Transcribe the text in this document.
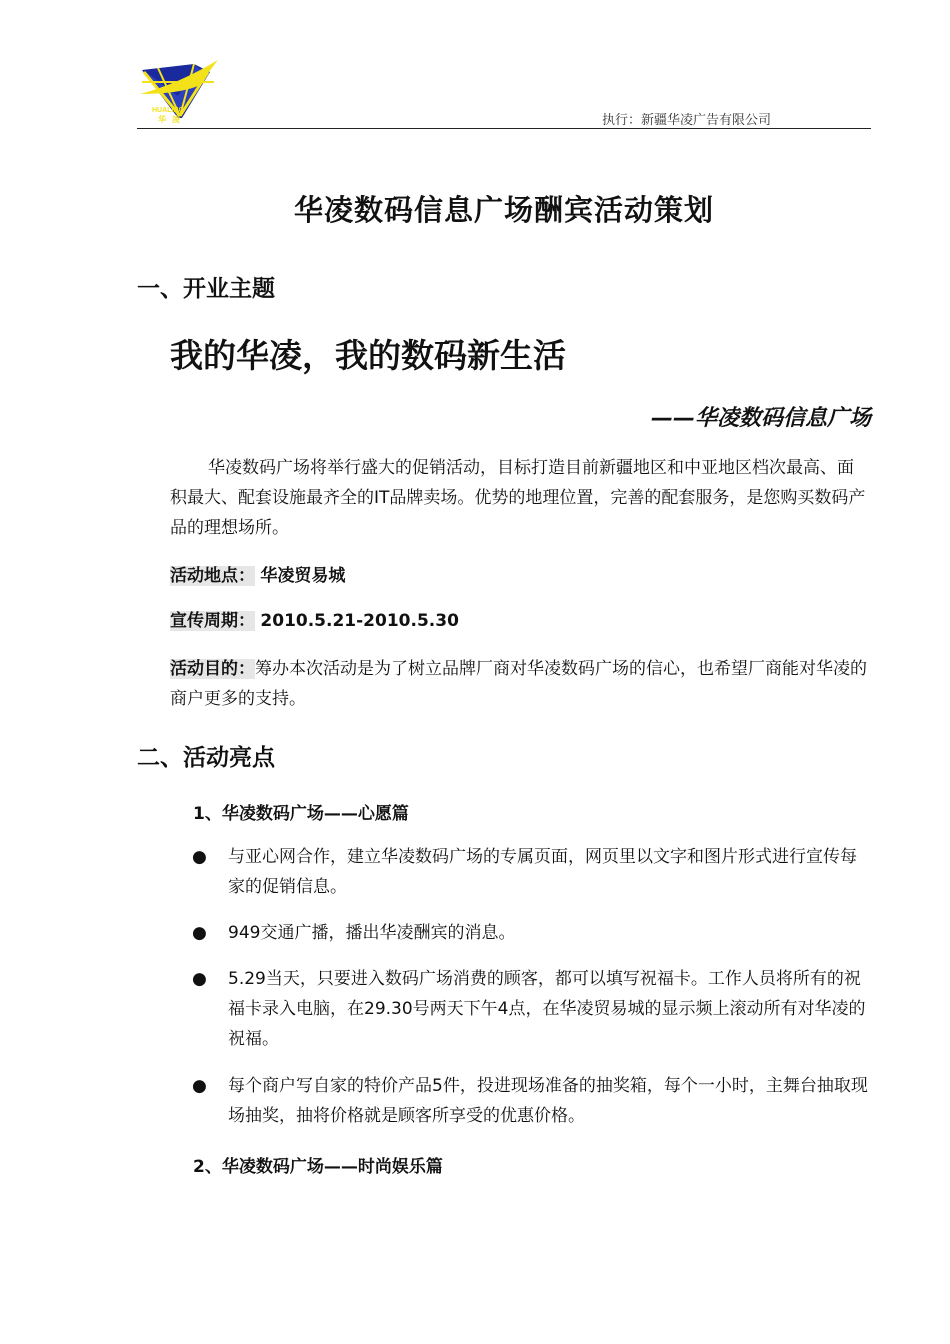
HUALING
华凌	执行：新疆华凌广告有限公司
华凌数码信息广场酬宾活动策划
一、开业主题
我的华凌，我的数码新生活
——华凌数码信息广场
华凌数码广场将举行盛大的促销活动，目标打造目前新疆地区和中亚地区档次最高、面积最大、配套设施最齐全的IT品牌卖场。优势的地理位置，完善的配套服务，是您购买数码产品的理想场所。
活动地点： 华凌贸易城
宣传周期： 2010.5.21-2010.5.30
活动目的：筹办本次活动是为了树立品牌厂商对华凌数码广场的信心，也希望厂商能对华凌的商户更多的支持。
二、活动亮点
1、华凌数码广场——心愿篇
●	与亚心网合作，建立华凌数码广场的专属页面，网页里以文字和图片形式进行宣传每家的促销信息。
●	949交通广播，播出华凌酬宾的消息。
●	5.29当天，只要进入数码广场消费的顾客，都可以填写祝福卡。工作人员将所有的祝福卡录入电脑，在29.30号两天下午4点，在华凌贸易城的显示频上滚动所有对华凌的祝福。
●	每个商户写自家的特价产品5件，投进现场准备的抽奖箱，每个一小时，主舞台抽取现场抽奖，抽将价格就是顾客所享受的优惠价格。
2、华凌数码广场——时尚娱乐篇
